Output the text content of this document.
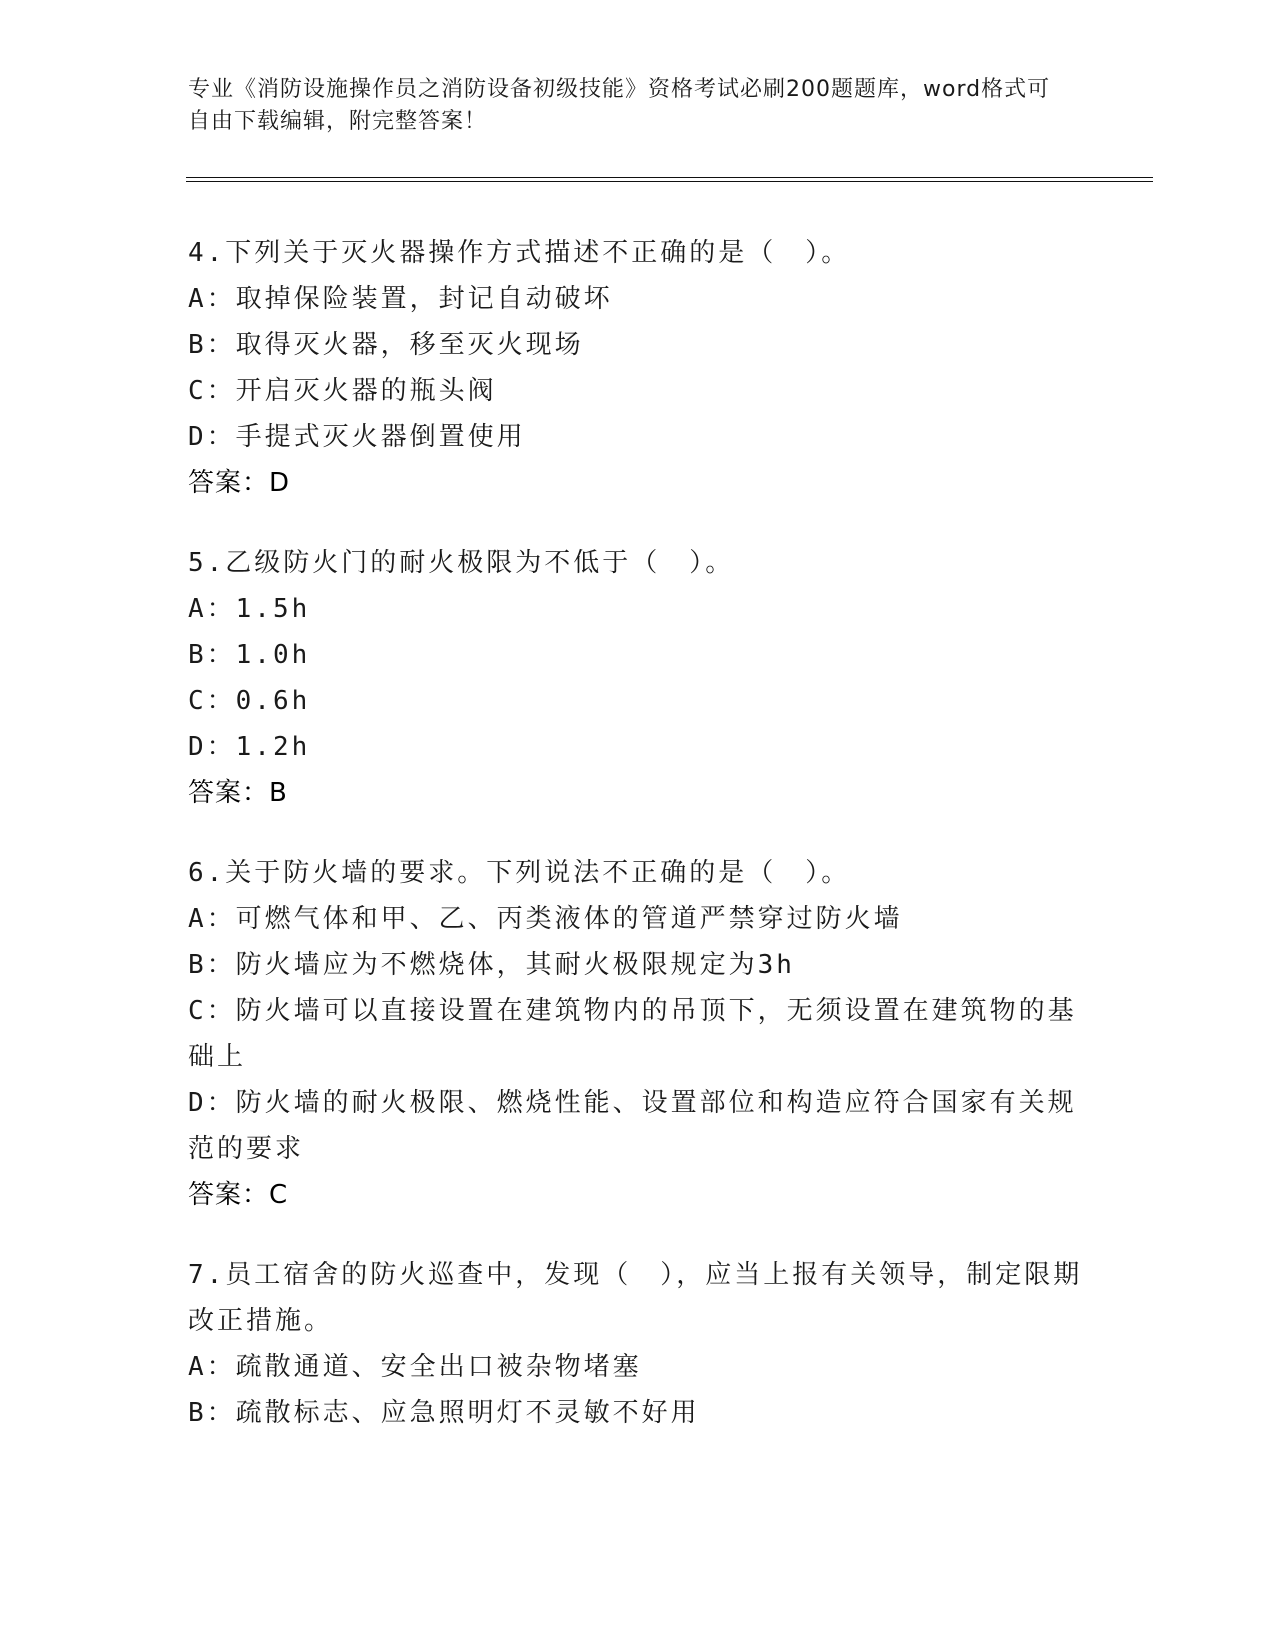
专业《消防设施操作员之消防设备初级技能》资格考试必刷200题题库，word格式可自由下载编辑，附完整答案！
4.下列关于灭火器操作方式描述不正确的是（　）。
A：取掉保险装置，封记自动破坏
B：取得灭火器，移至灭火现场
C：开启灭火器的瓶头阀
D：手提式灭火器倒置使用
答案：D
5.乙级防火门的耐火极限为不低于（　）。
A：1.5h
B：1.0h
C：0.6h
D：1.2h
答案：B
6.关于防火墙的要求。下列说法不正确的是（　）。
A：可燃气体和甲、乙、丙类液体的管道严禁穿过防火墙
B：防火墙应为不燃烧体，其耐火极限规定为3h
C：防火墙可以直接设置在建筑物内的吊顶下，无须设置在建筑物的基础上
D：防火墙的耐火极限、燃烧性能、设置部位和构造应符合国家有关规范的要求
答案：C
7.员工宿舍的防火巡查中，发现（　），应当上报有关领导，制定限期改正措施。
A：疏散通道、安全出口被杂物堵塞
B：疏散标志、应急照明灯不灵敏不好用
